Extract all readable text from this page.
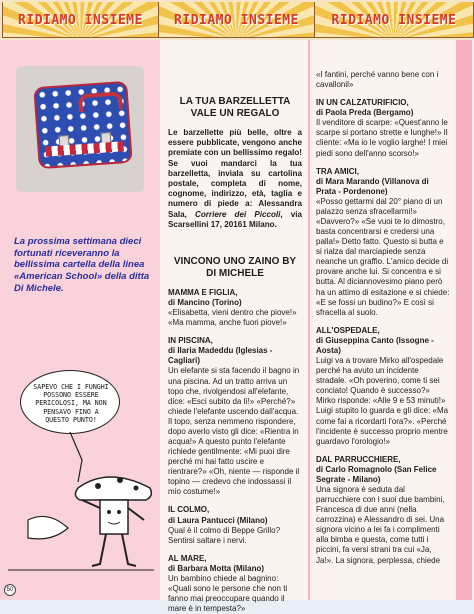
RIDIAMO INSIEME	RIDIAMO INSIEME	RIDIAMO INSIEME

La prossima settimana dieci fortunati riceveranno la bellissima cartella della linea «American School» della ditta Di Michele.

SAPEVO CHE I FUNGHI POSSONO ESSERE PERICOLOSI, MA NON PENSAVO FINO A QUESTO PUNTO!
50

LA TUA BARZELLETTA VALE UN REGALO

Le barzellette più belle, oltre a essere pubblicate, vengono anche premiate con un bellissimo regalo! Se vuoi mandarci la tua barzelletta, inviala su cartolina postale, completa di nome, cognome, indirizzo, età, taglia e numero di piede a: Alessandra Sala, Corriere dei Piccoli, via Scarsellini 17, 20161 Milano.

VINCONO UNO ZAINO BY DI MICHELE

MAMMA E FIGLIA,

di Mancino (Torino)

«Elisabetta, vieni dentro che piove!» «Ma mamma, anche fuori piove!»

IN PISCINA,

di Ilaria Madeddu (Iglesias - Cagliari)

Un elefante si sta facendo il bagno in una piscina. Ad un tratto arriva un topo che, rivolgendosi all'elefante, dice: «Esci subito da lì!» «Perché?» chiede l'elefante uscendo dall'acqua. Il topo, senza nemmeno rispondere, dopo averlo visto gli dice: «Rientra in acqua!» A questo punto l'elefante richiede gentilmente: «Mi puoi dire perché mi hai fatto uscire e rientrare?» «Oh, niente — risponde il topino — credevo che indossassi il mio costume!»

IL COLMO,

di Laura Pantucci (Milano)

Qual è il colmo di Beppe Grillo? Sentirsi saltare i nervi.

AL MARE,

di Barbara Motta (Milano)

Un bambino chiede al bagnino: «Quali sono le persone che non ti fanno mai preoccupare quando il mare è in tempesta?»

«I fantini, perché vanno bene con i cavallonil»

IN UN CALZATURIFICIO,

di Paola Preda (Bergamo)

Il venditore di scarpe: «Quest'anno le scarpe si portano strette e lunghe!» Il cliente: «Ma io le voglio larghe! I miei piedi sono dell'anno scorso!»

TRA AMICI,

di Mara Marando (Villanova di Prata - Pordenone)

«Posso gettarmi dal 20° piano di un palazzo senza sfracellarmi!» «Davvero?» «Se vuoi te lo dimostro, basta concentrarsi e credersi una palla!» Detto fatto. Questo si butta e si rialza dal marciapiede senza neanche un graffio. L'amico decide di provare anche lui. Si concentra e si butta. Al diciannovesimo piano però ha un attimo di esitazione e si chiede: «E se fossi un budino?» E così si sfracella al suolo.

ALL'OSPEDALE,

di Giuseppina Canto (Issogne - Aosta)

Luigi va a trovare Mirko all'ospedale perché ha avuto un incidente stradale. «Oh poverino, come ti sei conciato! Quando è successo?» Mirko risponde: «Alle 9 e 53 minuti!» Luigi stupito lo guarda e gli dice: «Ma come fai a ricordarti l'ora?». «Perché l'incidente è successo proprio mentre guardavo l'orologio!»

DAL PARRUCCHIERE,

di Carlo Romagnolo (San Felice Segrate - Milano)

Una signora è seduta dal parrucchiere con i suoi due bambini, Francesca di due anni (nella carrozzina) e Alessandro di sei. Una signora vicino a lei fa i complimenti alla bimba e questa, come tutti i piccini, fa versi strani tra cui «Ja, Ja!». La signora, perplessa, chiede
